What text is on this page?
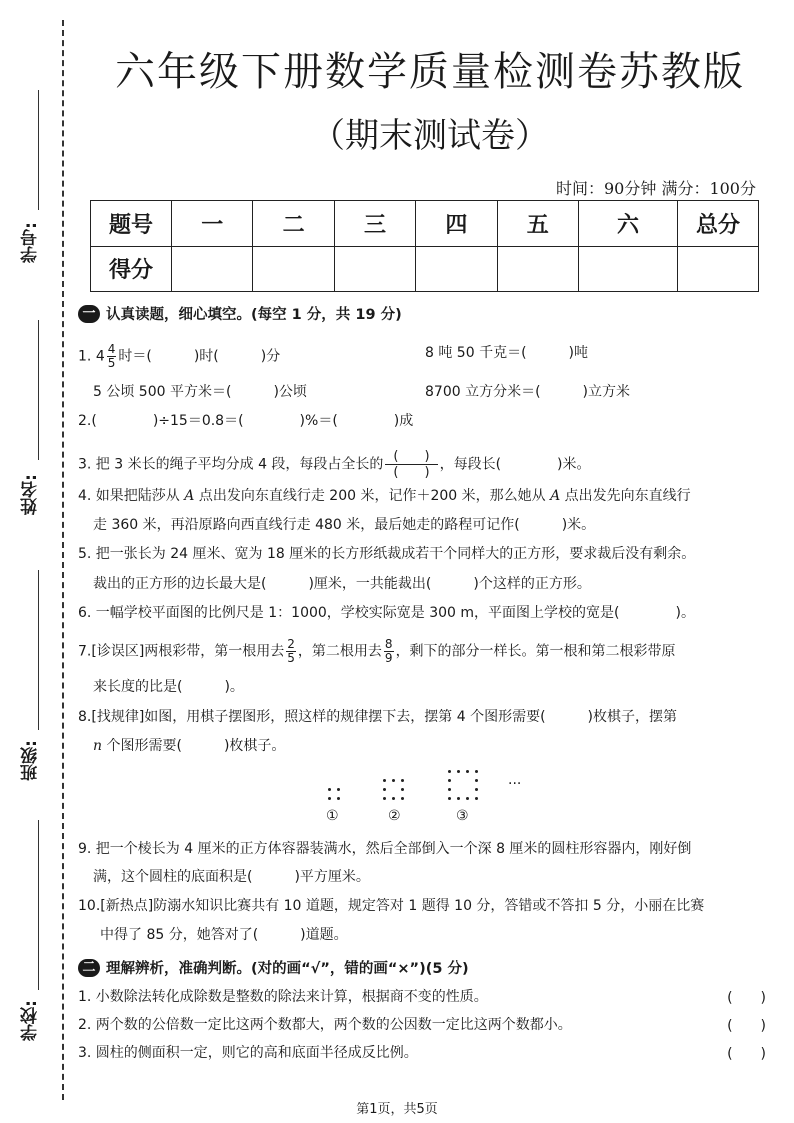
学号:
姓名:
班级:
学校:
六年级下册数学质量检测卷苏教版
（期末测试卷）
时间：90分钟 满分：100分
题号	一	二	三	四	五	六	总分
得分							
一 认真读题，细心填空。(每空 1 分，共 19 分)
1. $4 \frac{4}{5}$ 时＝(　　　)时(　　　)分	8 吨 50 千克＝(　　　)吨
5 公顷 500 平方米＝(　　　)公顷	8700 立方分米＝(　　　)立方米
2.(　　　　)÷15＝0.8＝(　　　　)%＝(　　　　)成
3. 把 3 米长的绳子平均分成 4 段，每段占全长的 $\frac{( )}{( )}$ ，每段长(　　　　)米。
4. 如果把陆莎从 A 点出发向东直线行走 200 米，记作＋200 米，那么她从 A 点出发先向东直线行
走 360 米，再沿原路向西直线行走 480 米，最后她走的路程可记作(　　　)米。
5. 把一张长为 24 厘米、宽为 18 厘米的长方形纸裁成若干个同样大的正方形，要求裁后没有剩余。
裁出的正方形的边长最大是(　　　)厘米，一共能裁出(　　　)个这样的正方形。
6. 一幅学校平面图的比例尺是 1：1000，学校实际宽是 300 m，平面图上学校的宽是(　　　　)。
7.[诊误区]两根彩带，第一根用去 $\frac{2}{5}$ ，第二根用去 $\frac{8}{9}$ ，剩下的部分一样长。第一根和第二根彩带原
来长度的比是(　　　)。
8.[找规律]如图，用棋子摆图形，照这样的规律摆下去，摆第 4 个图形需要(　　　)枚棋子，摆第
n 个图形需要(　　　)枚棋子。
···
①	②	③
9. 把一个棱长为 4 厘米的正方体容器装满水，然后全部倒入一个深 8 厘米的圆柱形容器内，刚好倒
满，这个圆柱的底面积是(　　　)平方厘米。
10.[新热点]防溺水知识比赛共有 10 道题，规定答对 1 题得 10 分，答错或不答扣 5 分，小丽在比赛
中得了 85 分，她答对了(　　　)道题。
二 理解辨析，准确判断。(对的画“√”，错的画“×”)(5 分)
1. 小数除法转化成除数是整数的除法来计算，根据商不变的性质。	(　　)
2. 两个数的公倍数一定比这两个数都大，两个数的公因数一定比这两个数都小。	(　　)
3. 圆柱的侧面积一定，则它的高和底面半径成反比例。	(　　)
第1页，共5页
